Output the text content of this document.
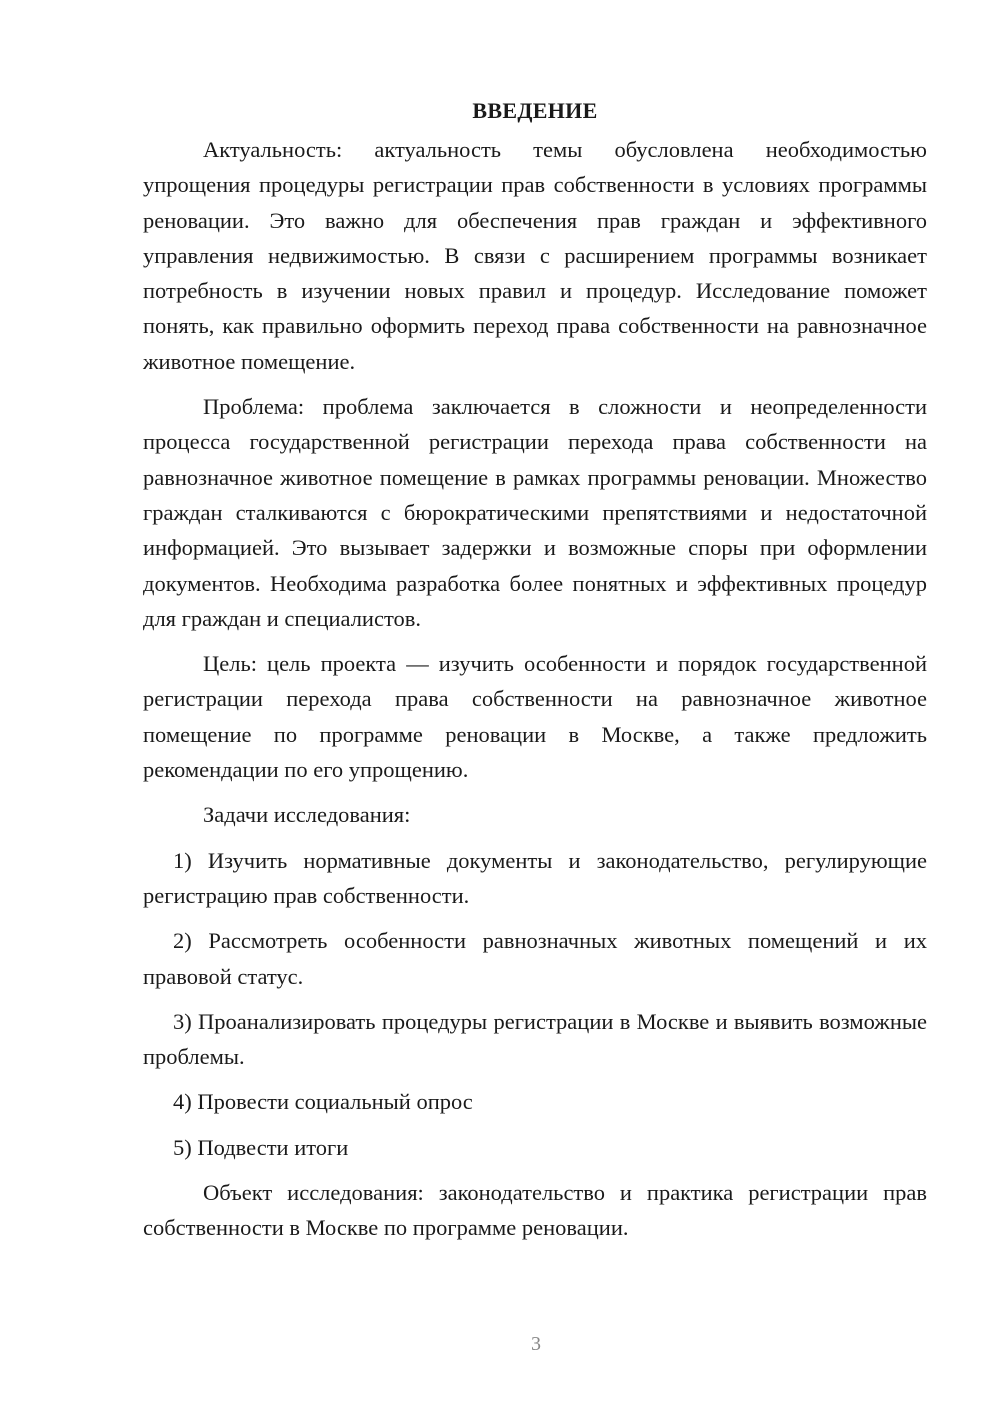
ВВЕДЕНИЕ

Актуальность: актуальность темы обусловлена необходимостью упрощения процедуры регистрации прав собственности в условиях программы реновации. Это важно для обеспечения прав граждан и эффективного управления недвижимостью. В связи с расширением программы возникает потребность в изучении новых правил и процедур. Исследование поможет понять, как правильно оформить переход права собственности на равнозначное животное помещение.

Проблема: проблема заключается в сложности и неопределенности процесса государственной регистрации перехода права собственности на равнозначное животное помещение в рамках программы реновации. Множество граждан сталкиваются с бюрократическими препятствиями и недостаточной информацией. Это вызывает задержки и возможные споры при оформлении документов. Необходима разработка более понятных и эффективных процедур для граждан и специалистов.

Цель: цель проекта — изучить особенности и порядок государственной регистрации перехода права собственности на равнозначное животное помещение по программе реновации в Москве, а также предложить рекомендации по его упрощению.

Задачи исследования:

1) Изучить нормативные документы и законодательство, регулирующие регистрацию прав собственности.

2) Рассмотреть особенности равнозначных животных помещений и их правовой статус.

3) Проанализировать процедуры регистрации в Москве и выявить возможные проблемы.

4) Провести социальный опрос

5) Подвести итоги

Объект исследования: законодательство и практика регистрации прав собственности в Москве по программе реновации.

3
